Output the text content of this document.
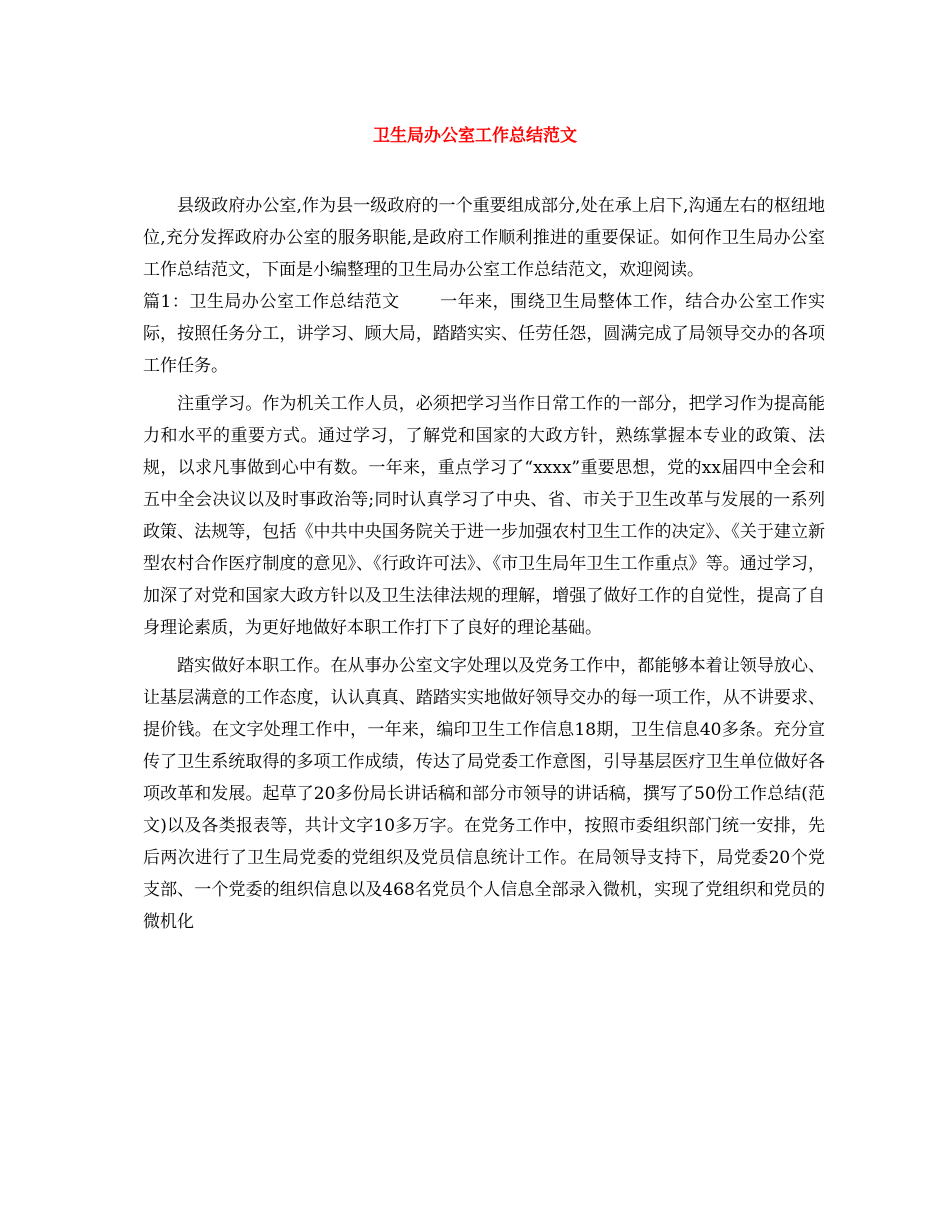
卫生局办公室工作总结范文

县级政府办公室,作为县一级政府的一个重要组成部分,处在承上启下,沟通左右的枢纽地位,充分发挥政府办公室的服务职能,是政府工作顺利推进的重要保证。如何作卫生局办公室工作总结范文，下面是小编整理的卫生局办公室工作总结范文，欢迎阅读。

篇1：卫生局办公室工作总结范文 一年来，围绕卫生局整体工作，结合办公室工作实际，按照任务分工，讲学习、顾大局，踏踏实实、任劳任怨，圆满完成了局领导交办的各项工作任务。

注重学习。作为机关工作人员，必须把学习当作日常工作的一部分，把学习作为提高能力和水平的重要方式。通过学习，了解党和国家的大政方针，熟练掌握本专业的政策、法规，以求凡事做到心中有数。一年来，重点学习了“xxxx”重要思想，党的xx届四中全会和五中全会决议以及时事政治等;同时认真学习了中央、省、市关于卫生改革与发展的一系列政策、法规等，包括《中共中央国务院关于进一步加强农村卫生工作的决定》、《关于建立新型农村合作医疗制度的意见》、《行政许可法》、《市卫生局年卫生工作重点》等。通过学习，加深了对党和国家大政方针以及卫生法律法规的理解，增强了做好工作的自觉性，提高了自身理论素质，为更好地做好本职工作打下了良好的理论基础。

踏实做好本职工作。在从事办公室文字处理以及党务工作中，都能够本着让领导放心、让基层满意的工作态度，认认真真、踏踏实实地做好领导交办的每一项工作，从不讲要求、提价钱。在文字处理工作中，一年来，编印卫生工作信息18期，卫生信息40多条。充分宣传了卫生系统取得的多项工作成绩，传达了局党委工作意图，引导基层医疗卫生单位做好各项改革和发展。起草了20多份局长讲话稿和部分市领导的讲话稿，撰写了50份工作总结(范文)以及各类报表等，共计文字10多万字。在党务工作中，按照市委组织部门统一安排，先后两次进行了卫生局党委的党组织及党员信息统计工作。在局领导支持下，局党委20个党支部、一个党委的组织信息以及468名党员个人信息全部录入微机，实现了党组织和党员的微机化
